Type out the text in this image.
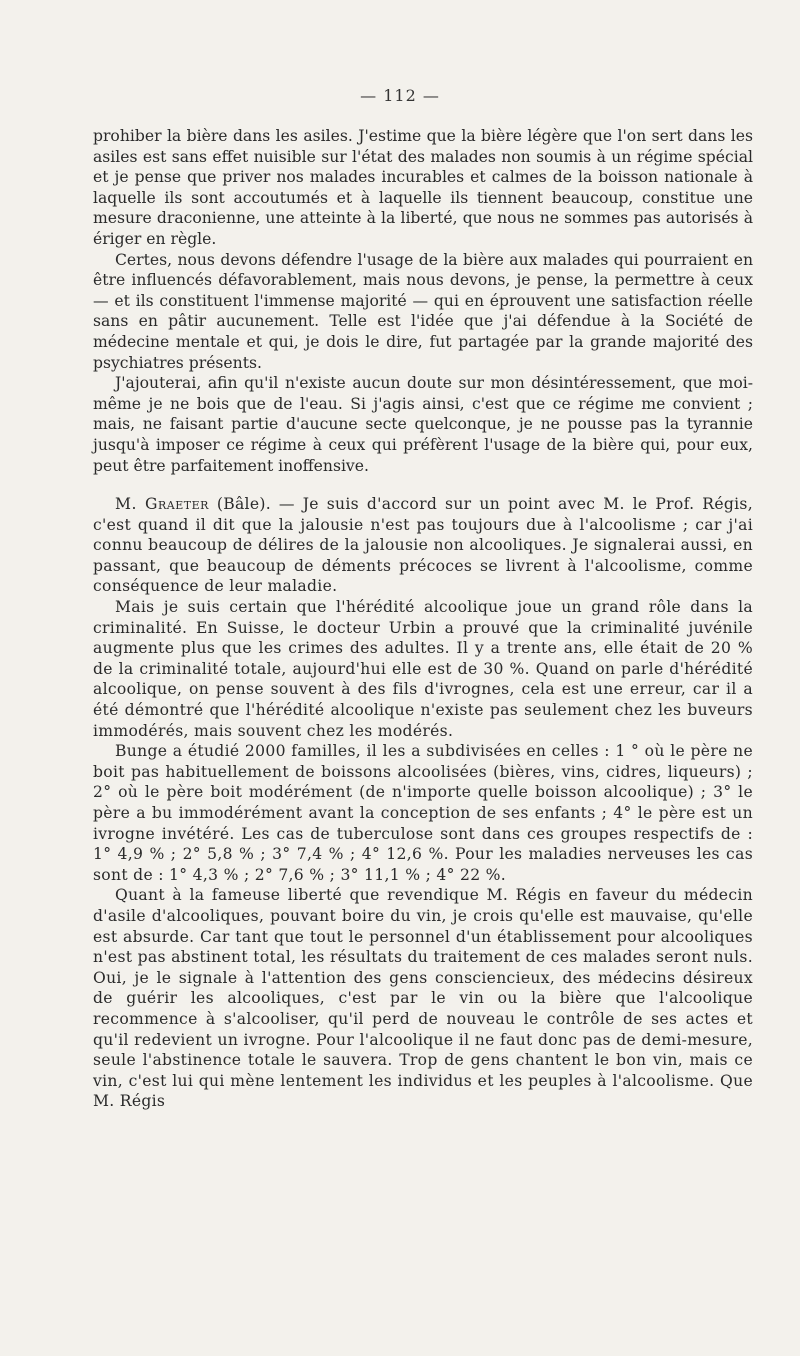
— 112 —

prohiber la bière dans les asiles. J'estime que la bière légère que l'on sert dans les asiles est sans effet nuisible sur l'état des malades non soumis à un régime spécial et je pense que priver nos malades incurables et calmes de la boisson nationale à laquelle ils sont accoutumés et à laquelle ils tiennent beaucoup, constitue une mesure draconienne, une atteinte à la liberté, que nous ne sommes pas autorisés à ériger en règle.

Certes, nous devons défendre l'usage de la bière aux malades qui pourraient en être influencés défavorablement, mais nous devons, je pense, la permettre à ceux — et ils constituent l'immense majorité — qui en éprouvent une satisfaction réelle sans en pâtir aucunement. Telle est l'idée que j'ai défendue à la Société de médecine mentale et qui, je dois le dire, fut partagée par la grande majorité des psychiatres présents.

J'ajouterai, afin qu'il n'existe aucun doute sur mon désintéressement, que moi-même je ne bois que de l'eau. Si j'agis ainsi, c'est que ce régime me convient ; mais, ne faisant partie d'aucune secte quelconque, je ne pousse pas la tyrannie jusqu'à imposer ce régime à ceux qui préfèrent l'usage de la bière qui, pour eux, peut être parfaitement inoffensive.

M. Graeter (Bâle). — Je suis d'accord sur un point avec M. le Prof. Régis, c'est quand il dit que la jalousie n'est pas toujours due à l'alcoolisme ; car j'ai connu beaucoup de délires de la jalousie non alcooliques. Je signalerai aussi, en passant, que beaucoup de déments précoces se livrent à l'alcoolisme, comme conséquence de leur maladie.

Mais je suis certain que l'hérédité alcoolique joue un grand rôle dans la criminalité. En Suisse, le docteur Urbin a prouvé que la criminalité juvénile augmente plus que les crimes des adultes. Il y a trente ans, elle était de 20 % de la criminalité totale, aujourd'hui elle est de 30 %. Quand on parle d'hérédité alcoolique, on pense souvent à des fils d'ivrognes, cela est une erreur, car il a été démontré que l'hérédité alcoolique n'existe pas seulement chez les buveurs immodérés, mais souvent chez les modérés.

Bunge a étudié 2000 familles, il les a subdivisées en celles : 1 ° où le père ne boit pas habituellement de boissons alcoolisées (bières, vins, cidres, liqueurs) ; 2° où le père boit modérément (de n'importe quelle boisson alcoolique) ; 3° le père a bu immodérément avant la conception de ses enfants ; 4° le père est un ivrogne invétéré. Les cas de tuberculose sont dans ces groupes respectifs de : 1° 4,9 % ; 2° 5,8 % ; 3° 7,4 % ; 4° 12,6 %. Pour les maladies nerveuses les cas sont de : 1° 4,3 % ; 2° 7,6 % ; 3° 11,1 % ; 4° 22 %.

Quant à la fameuse liberté que revendique M. Régis en faveur du médecin d'asile d'alcooliques, pouvant boire du vin, je crois qu'elle est mauvaise, qu'elle est absurde. Car tant que tout le personnel d'un établissement pour alcooliques n'est pas abstinent total, les résultats du traitement de ces malades seront nuls. Oui, je le signale à l'attention des gens consciencieux, des médecins désireux de guérir les alcooliques, c'est par le vin ou la bière que l'alcoolique recommence à s'alcooliser, qu'il perd de nouveau le contrôle de ses actes et qu'il redevient un ivrogne. Pour l'alcoolique il ne faut donc pas de demi-mesure, seule l'abstinence totale le sauvera. Trop de gens chantent le bon vin, mais ce vin, c'est lui qui mène lentement les individus et les peuples à l'alcoolisme. Que M. Régis
